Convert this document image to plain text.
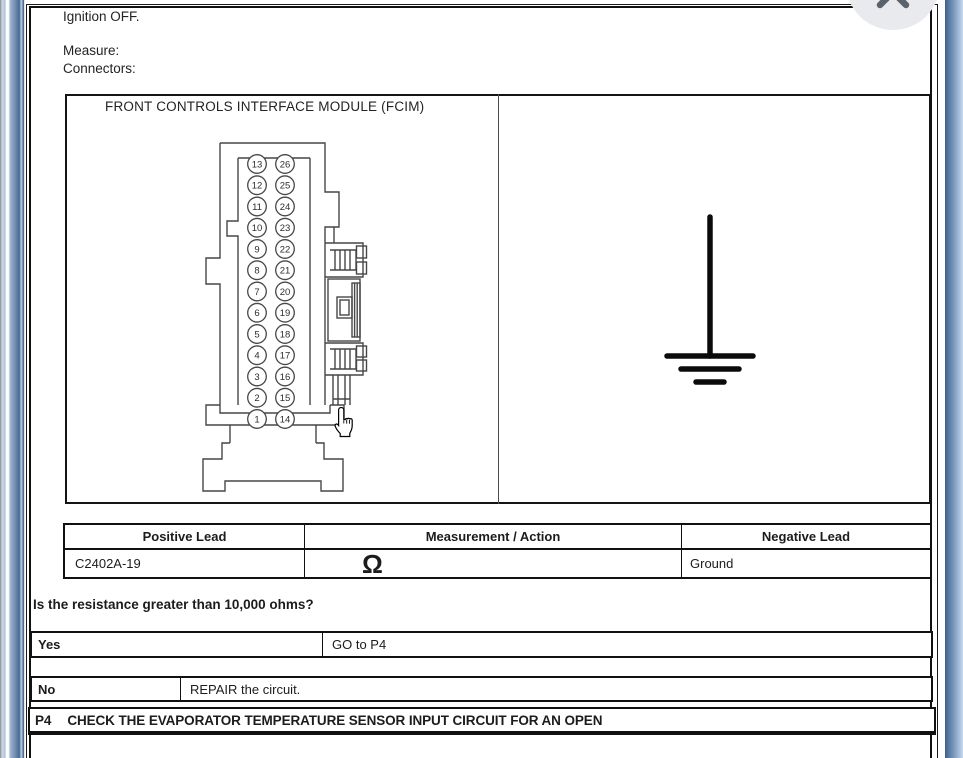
Ignition OFF.
Measure:
Connectors:
FRONT CONTROLS INTERFACE MODULE (FCIM)
13
12
11
10
9
8
7
6
5
4
3
2
1
26
25
24
23
22
21
20
19
18
17
16
15
14
Positive Lead	Measurement / Action	Negative Lead
C2402A-19	Ω	Ground
Is the resistance greater than 10,000 ohms?
Yes	GO to P4
No	REPAIR the circuit.
P4 CHECK THE EVAPORATOR TEMPERATURE SENSOR INPUT CIRCUIT FOR AN OPEN
